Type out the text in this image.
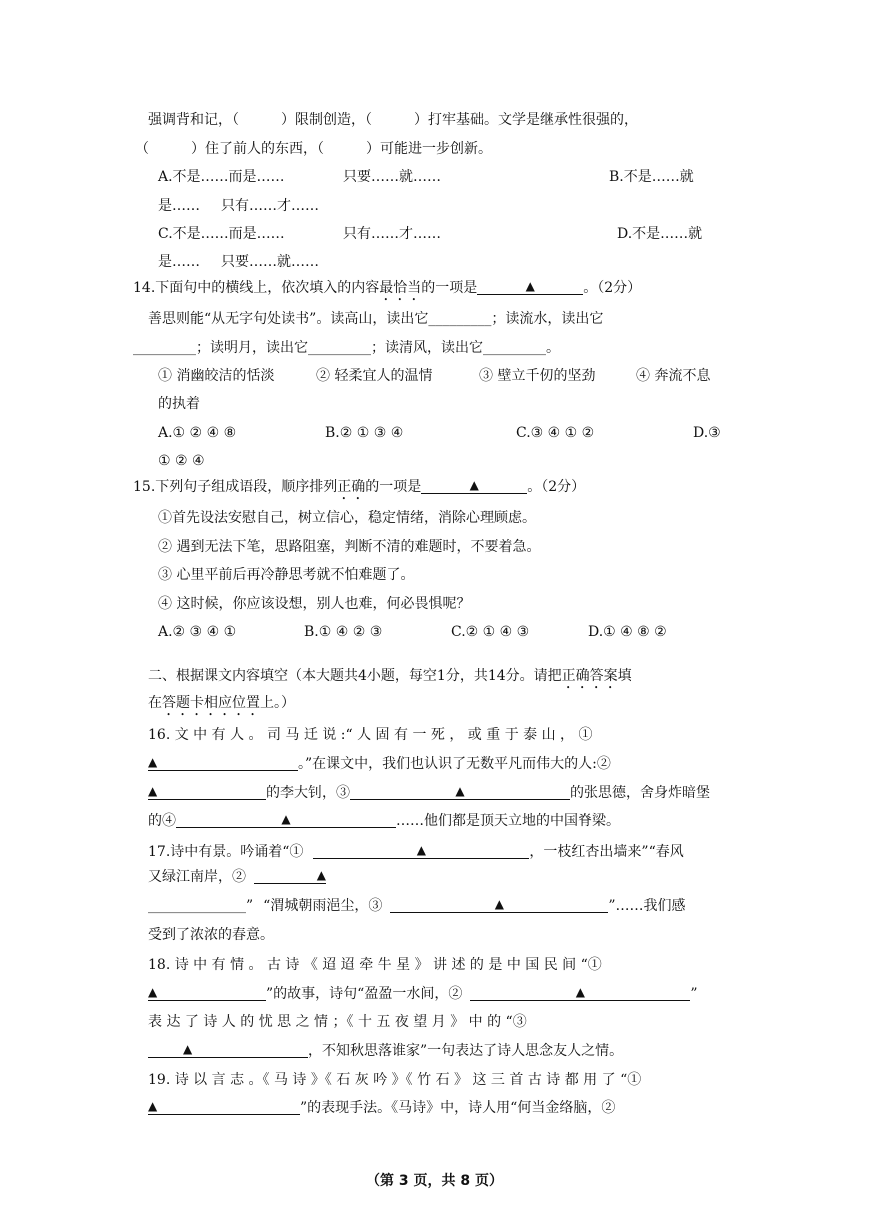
强调背和记，（　　　）限制创造，（　　　）打牢基础。文学是继承性很强的，
（　　　）住了前人的东西，（　　　）可能进一步创新。
A.不是……而是……	只要……就……	B.不是……就
是…… 只有……才……
C.不是……而是……	只有……才……	D.不是……就
是…… 只要……就……
14.下面句中的横线上，依次填入的内容最恰当的一项是	▲	。（2分）
善思则能“从无字句处读书”。读高山，读出它_________；读流水，读出它
_________；读明月，读出它_________；读清风，读出它_________。
① 消幽皎洁的恬淡	② 轻柔宜人的温情	③ 壁立千仞的坚劲	④ 奔流不息
的执着
A.① ② ④ ⑧	B.② ① ③ ④	C.③ ④ ① ②	D.③
① ② ④
15.下列句子组成语段，顺序排列正确的一项是	▲	。（2分）
①首先设法安慰自己，树立信心，稳定情绪，消除心理顾虑。
② 遇到无法下笔，思路阻塞，判断不清的难题时，不要着急。
③ 心里平前后再冷静思考就不怕难题了。
④ 这时候，你应该设想，别人也难，何必畏惧呢？
A.② ③ ④ ①	B.① ④ ② ③	C.② ① ④ ③	D.① ④ ⑧ ②
二、根据课文内容填空（本大题共4小题，每空1分，共14分。请把正确答案填
在答题卡相应位置上。）
16. 文 中 有 人 。 司 马 迁 说 :“ 人 固 有 一 死 ， 或 重 于 泰 山 ， ①
▲	。”在课文中，我们也认识了无数平凡而伟大的人:②
▲	的李大钊，③	▲	的张思德，舍身炸暗堡
的④	▲	……他们都是顶天立地的中国脊梁。
17.诗中有景。吟诵着“①	▲	，一枝红杏出墙来”“春风
又绿江南岸，②	▲
______________” “渭城朝雨浥尘，③	▲	”……我们感
受到了浓浓的春意。
18. 诗 中 有 情 。 古 诗 《 迢 迢 牵 牛 星 》 讲 述 的 是 中 国 民 间 “①
▲	”的故事，诗句“盈盈一水间，②	▲	”
表 达 了 诗 人 的 忧 思 之 情 ；《 十 五 夜 望 月 》 中 的 “③
▲	，不知秋思落谁家”一句表达了诗人思念友人之情。
19. 诗 以 言 志 。《 马 诗 》《 石 灰 吟 》《 竹 石 》 这 三 首 古 诗 都 用 了 “①
▲	”的表现手法。《马诗》中，诗人用“何当金络脑，②
（第 3 页，共 8 页）
